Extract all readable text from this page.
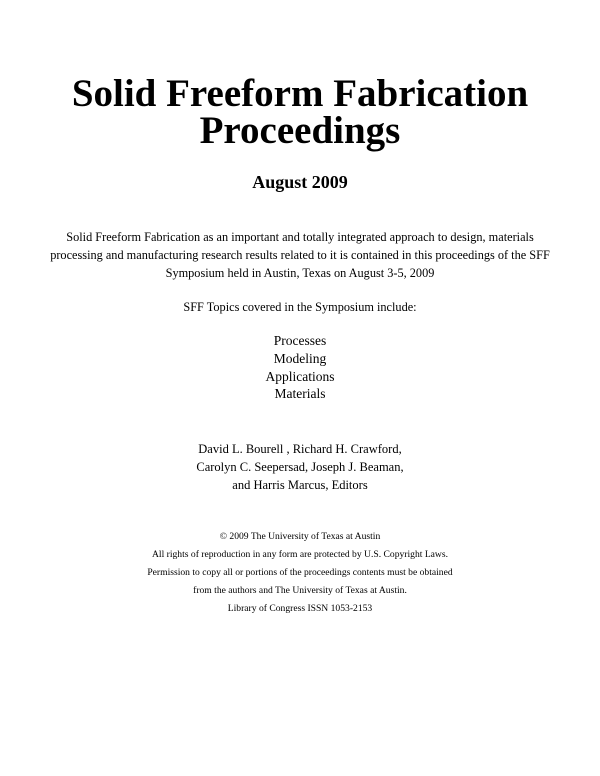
Solid Freeform Fabrication
Proceedings
August 2009
Solid Freeform Fabrication as an important and totally integrated approach to design, materials
processing and manufacturing research results related to it is contained in this proceedings of the SFF
Symposium held in Austin, Texas on August 3-5, 2009
SFF Topics covered in the Symposium include:
Processes
Modeling
Applications
Materials
David L. Bourell , Richard H. Crawford,
Carolyn C. Seepersad, Joseph J. Beaman,
and Harris Marcus, Editors
© 2009 The University of Texas at Austin
All rights of reproduction in any form are protected by U.S. Copyright Laws.
Permission to copy all or portions of the proceedings contents must be obtained
from the authors and The University of Texas at Austin.
Library of Congress ISSN 1053-2153
